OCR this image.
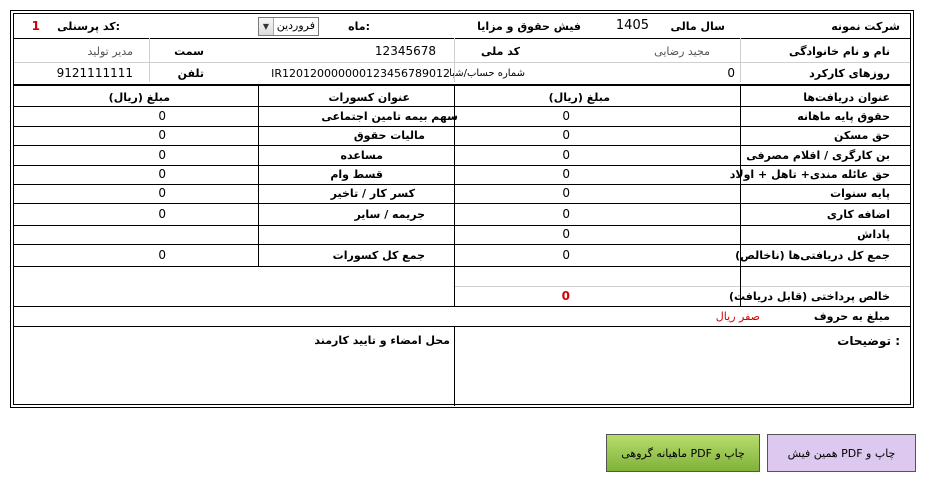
شرکت نمونه
سال مالی
1405
فیش حقوق و مزایا
ماه:
▼ فروردین
کد پرسنلی:
1
نام و نام خانوادگی
مجید رضایی
کد ملی
12345678
سمت
مدیر تولید
روزهای کارکرد
0
شماره حساب/شبا
IR120120000000123456789012
تلفن
9121111111
عنوان دریافت‌ها
مبلغ (ریال)
عنوان کسورات
مبلغ (ریال)
حقوق پایه ماهانه
0
حق مسکن
0
بن کارگری / اقلام مصرفی
0
حق عائله مندی+ تاهل + اولاد
0
پایه سنوات
0
اضافه کاری
0
پاداش
0
سهم بیمه تامین اجتماعی
0
مالیات حقوق
0
مساعده
0
قسط وام
0
کسر کار / تاخیر
0
جریمه / سایر
0
جمع کل دریافتی‌ها (ناخالص)
0
جمع کل کسورات
0
خالص پرداختی (قابل دریافت)
0
مبلغ به حروف
صفر ریال
توضیحات :
محل امضاء و تایید کارمند
چاپ و PDF همین فیش
چاپ و PDF ماهیانه گروهی
